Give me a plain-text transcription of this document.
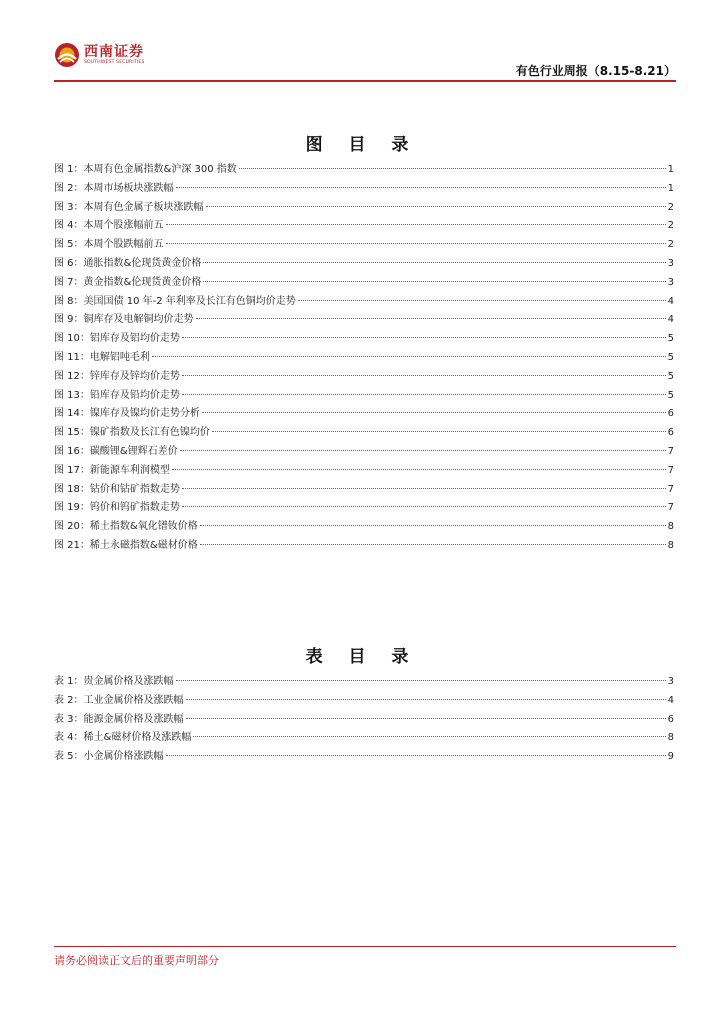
西南证券
SOUTHWEST SECURITIES
有色行业周报（8.15-8.21）
图 目 录
图 1：本周有色金属指数&沪深 300 指数	1
图 2：本周市场板块涨跌幅	1
图 3：本周有色金属子板块涨跌幅	2
图 4：本周个股涨幅前五	2
图 5：本周个股跌幅前五	2
图 6：通胀指数&伦现货黄金价格	3
图 7：黄金指数&伦现货黄金价格	3
图 8：美国国债 10 年-2 年利率及长江有色铜均价走势	4
图 9：铜库存及电解铜均价走势	4
图 10：铝库存及铝均价走势	5
图 11：电解铝吨毛利	5
图 12：锌库存及锌均价走势	5
图 13：铅库存及铅均价走势	5
图 14：镍库存及镍均价走势分析	6
图 15：镍矿指数及长江有色镍均价	6
图 16：碳酸锂&锂辉石差价	7
图 17：新能源车利润模型	7
图 18：钴价和钴矿指数走势	7
图 19：钨价和钨矿指数走势	7
图 20：稀土指数&氧化镨钕价格	8
图 21：稀土永磁指数&磁材价格	8
表 目 录
表 1：贵金属价格及涨跌幅	3
表 2：工业金属价格及涨跌幅	4
表 3：能源金属价格及涨跌幅	6
表 4：稀土&磁材价格及涨跌幅	8
表 5：小金属价格涨跌幅	9
请务必阅读正文后的重要声明部分
